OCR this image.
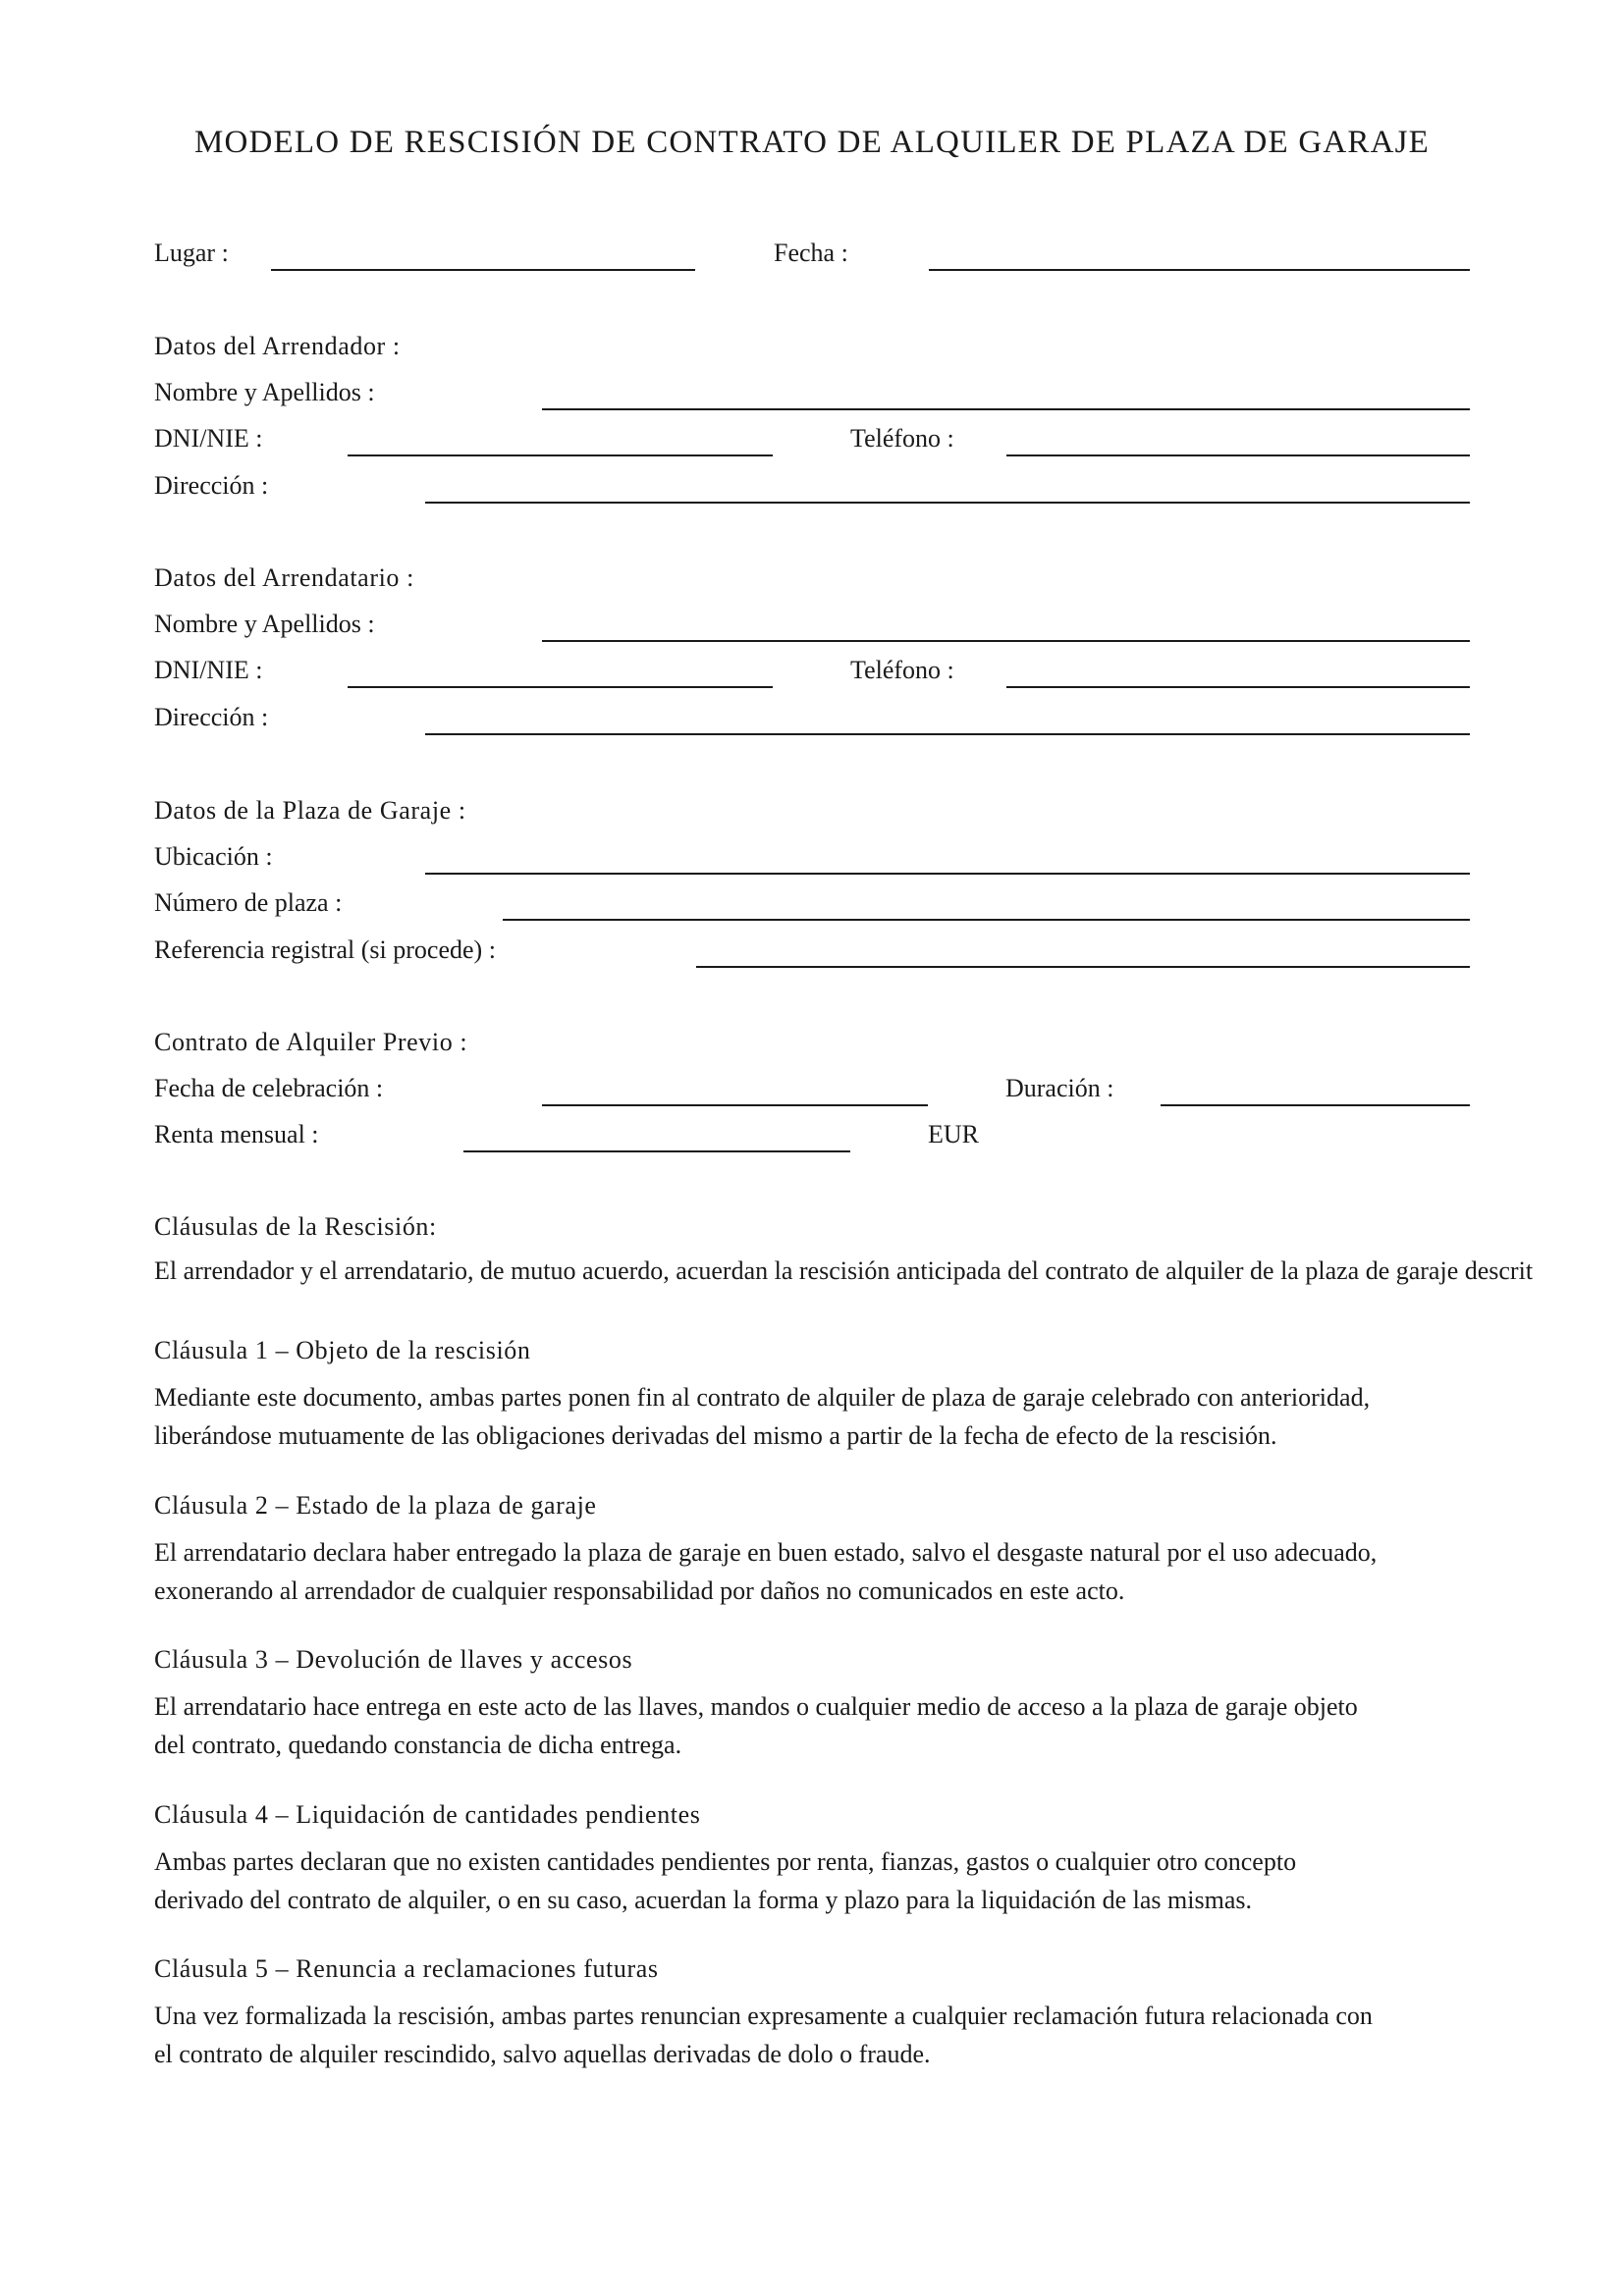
MODELO DE RESCISIÓN DE CONTRATO DE ALQUILER DE PLAZA DE GARAJE
Lugar :	Fecha :
Datos del Arrendador :
Nombre y Apellidos :
DNI/NIE :	Teléfono :
Dirección :
Datos del Arrendatario :
Nombre y Apellidos :
DNI/NIE :	Teléfono :
Dirección :
Datos de la Plaza de Garaje :
Ubicación :
Número de plaza :
Referencia registral (si procede) :
Contrato de Alquiler Previo :
Fecha de celebración :	Duración :
Renta mensual :	EUR
Cláusulas de la Rescisión:
El arrendador y el arrendatario, de mutuo acuerdo, acuerdan la rescisión anticipada del contrato de alquiler de la plaza de garaje descrit
Cláusula 1 – Objeto de la rescisión
Mediante este documento, ambas partes ponen fin al contrato de alquiler de plaza de garaje celebrado con anterioridad,
liberándose mutuamente de las obligaciones derivadas del mismo a partir de la fecha de efecto de la rescisión.
Cláusula 2 – Estado de la plaza de garaje
El arrendatario declara haber entregado la plaza de garaje en buen estado, salvo el desgaste natural por el uso adecuado,
exonerando al arrendador de cualquier responsabilidad por daños no comunicados en este acto.
Cláusula 3 – Devolución de llaves y accesos
El arrendatario hace entrega en este acto de las llaves, mandos o cualquier medio de acceso a la plaza de garaje objeto
del contrato, quedando constancia de dicha entrega.
Cláusula 4 – Liquidación de cantidades pendientes
Ambas partes declaran que no existen cantidades pendientes por renta, fianzas, gastos o cualquier otro concepto
derivado del contrato de alquiler, o en su caso, acuerdan la forma y plazo para la liquidación de las mismas.
Cláusula 5 – Renuncia a reclamaciones futuras
Una vez formalizada la rescisión, ambas partes renuncian expresamente a cualquier reclamación futura relacionada con
el contrato de alquiler rescindido, salvo aquellas derivadas de dolo o fraude.
